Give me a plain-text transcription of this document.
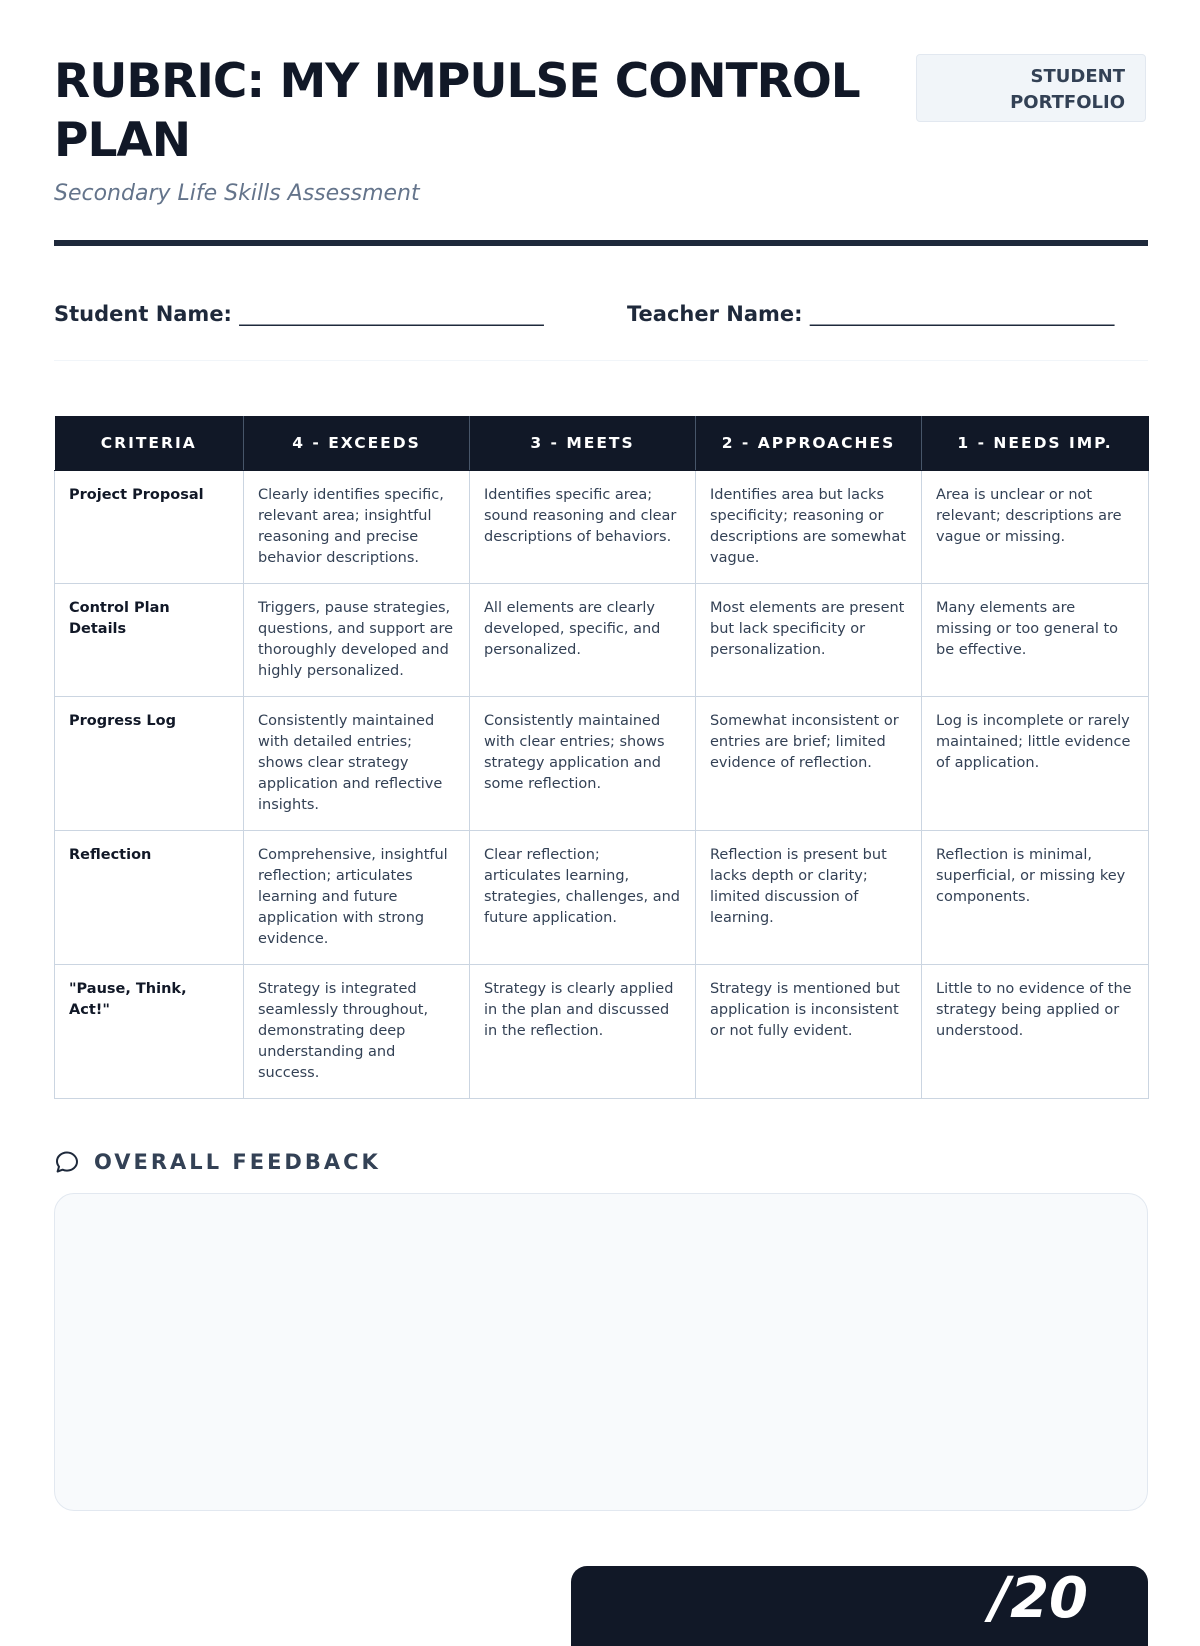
RUBRIC: MY IMPULSE CONTROL PLAN
Secondary Life Skills Assessment
STUDENT
PORTFOLIO
Student Name: _____________________________	Teacher Name: _____________________________
CRITERIA	4 - EXCEEDS	3 - MEETS	2 - APPROACHES	1 - NEEDS IMP.
Project Proposal	Clearly identifies specific, relevant area; insightful reasoning and precise behavior descriptions.	Identifies specific area; sound reasoning and clear descriptions of behaviors.	Identifies area but lacks specificity; reasoning or descriptions are somewhat vague.	Area is unclear or not relevant; descriptions are vague or missing.
Control Plan Details	Triggers, pause strategies, questions, and support are thoroughly developed and highly personalized.	All elements are clearly developed, specific, and personalized.	Most elements are present but lack specificity or personalization.	Many elements are missing or too general to be effective.
Progress Log	Consistently maintained with detailed entries; shows clear strategy application and reflective insights.	Consistently maintained with clear entries; shows strategy application and some reflection.	Somewhat inconsistent or entries are brief; limited evidence of reflection.	Log is incomplete or rarely maintained; little evidence of application.
Reflection	Comprehensive, insightful reflection; articulates learning and future application with strong evidence.	Clear reflection; articulates learning, strategies, challenges, and future application.	Reflection is present but lacks depth or clarity; limited discussion of learning.	Reflection is minimal, superficial, or missing key components.
"Pause, Think, Act!"	Strategy is integrated seamlessly throughout, demonstrating deep understanding and success.	Strategy is clearly applied in the plan and discussed in the reflection.	Strategy is mentioned but application is inconsistent or not fully evident.	Little to no evidence of the strategy being applied or understood.
OVERALL FEEDBACK
/20
